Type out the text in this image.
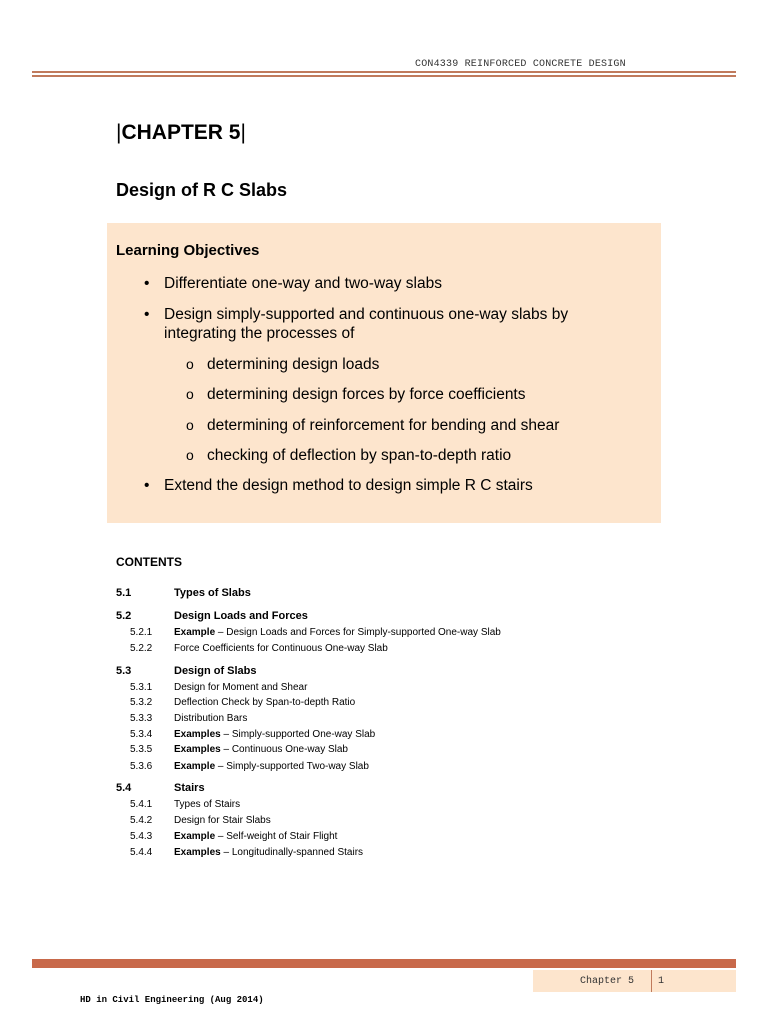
CON4339 REINFORCED CONCRETE DESIGN
|CHAPTER 5|
Design of R C Slabs
Learning Objectives
• Differentiate one-way and two-way slabs
• Design simply-supported and continuous one-way slabs by integrating the processes of
o determining design loads
o determining design forces by force coefficients
o determining of reinforcement for bending and shear
o checking of deflection by span-to-depth ratio
• Extend the design method to design simple R C stairs
CONTENTS
5.1	Types of Slabs
5.2	Design Loads and Forces
5.2.1 Example – Design Loads and Forces for Simply-supported One-way Slab
5.2.2 Force Coefficients for Continuous One-way Slab
5.3	Design of Slabs
5.3.1 Design for Moment and Shear
5.3.2 Deflection Check by Span-to-depth Ratio
5.3.3 Distribution Bars
5.3.4 Examples – Simply-supported One-way Slab
5.3.5 Examples – Continuous One-way Slab
5.3.6 Example – Simply-supported Two-way Slab
5.4	Stairs
5.4.1 Types of Stairs
5.4.2 Design for Stair Slabs
5.4.3 Example – Self-weight of Stair Flight
5.4.4 Examples – Longitudinally-spanned Stairs
Chapter 5 1
HD in Civil Engineering (Aug 2014)
